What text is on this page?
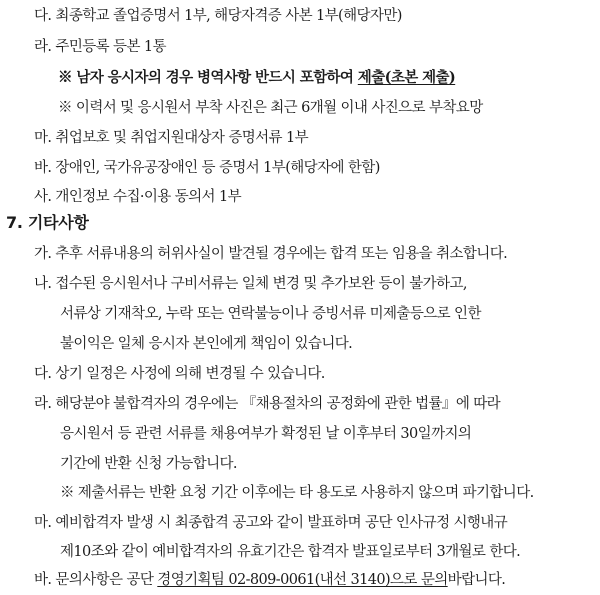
다. 최종학교 졸업증명서 1부, 해당자격증 사본 1부(해당자만)
라. 주민등록 등본 1통
※ 남자 응시자의 경우 병역사항 반드시 포함하여 제출(초본 제출)
※ 이력서 및 응시원서 부착 사진은 최근 6개월 이내 사진으로 부착요망
마. 취업보호 및 취업지원대상자 증명서류 1부
바. 장애인, 국가유공장애인 등 증명서 1부(해당자에 한함)
사. 개인정보 수집·이용 동의서 1부
7. 기타사항
가. 추후 서류내용의 허위사실이 발견될 경우에는 합격 또는 임용을 취소합니다.
나. 접수된 응시원서나 구비서류는 일체 변경 및 추가보완 등이 불가하고,
서류상 기재착오, 누락 또는 연락불능이나 증빙서류 미제출등으로 인한
불이익은 일체 응시자 본인에게 책임이 있습니다.
다. 상기 일정은 사정에 의해 변경될 수 있습니다.
라. 해당분야 불합격자의 경우에는 『채용절차의 공정화에 관한 법률』에 따라
응시원서 등 관련 서류를 채용여부가 확정된 날 이후부터 30일까지의
기간에 반환 신청 가능합니다.
※ 제출서류는 반환 요청 기간 이후에는 타 용도로 사용하지 않으며 파기합니다.
마. 예비합격자 발생 시 최종합격 공고와 같이 발표하며 공단 인사규정 시행내규
제10조와 같이 예비합격자의 유효기간은 합격자 발표일로부터 3개월로 한다.
바. 문의사항은 공단 경영기획팀 02-809-0061(내선 3140)으로 문의바랍니다.
